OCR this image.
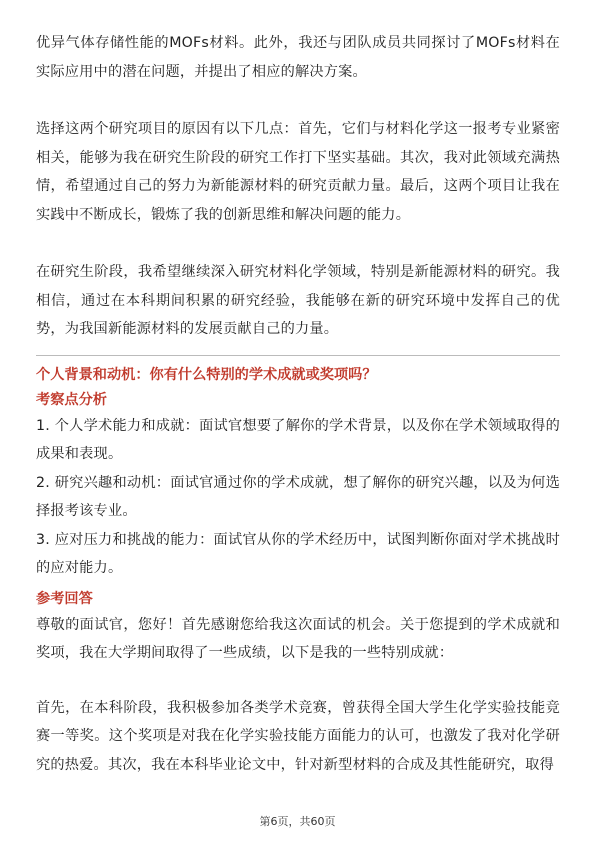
优异气体存储性能的MOFs材料。此外，我还与团队成员共同探讨了MOFs材料在实际应用中的潜在问题，并提出了相应的解决方案。

选择这两个研究项目的原因有以下几点：首先，它们与材料化学这一报考专业紧密相关，能够为我在研究生阶段的研究工作打下坚实基础。其次，我对此领域充满热情，希望通过自己的努力为新能源材料的研究贡献力量。最后，这两个项目让我在实践中不断成长，锻炼了我的创新思维和解决问题的能力。

在研究生阶段，我希望继续深入研究材料化学领域，特别是新能源材料的研究。我相信，通过在本科期间积累的研究经验，我能够在新的研究环境中发挥自己的优势，为我国新能源材料的发展贡献自己的力量。

个人背景和动机：你有什么特别的学术成就或奖项吗？

考察点分析

1. 个人学术能力和成就：面试官想要了解你的学术背景，以及你在学术领域取得的成果和表现。

2. 研究兴趣和动机：面试官通过你的学术成就，想了解你的研究兴趣，以及为何选择报考该专业。

3. 应对压力和挑战的能力：面试官从你的学术经历中，试图判断你面对学术挑战时的应对能力。

参考回答

尊敬的面试官，您好！首先感谢您给我这次面试的机会。关于您提到的学术成就和奖项，我在大学期间取得了一些成绩，以下是我的一些特别成就：

首先，在本科阶段，我积极参加各类学术竞赛，曾获得全国大学生化学实验技能竞赛一等奖。这个奖项是对我在化学实验技能方面能力的认可，也激发了我对化学研究的热爱。其次，我在本科毕业论文中，针对新型材料的合成及其性能研究，取得

第6页，共60页
